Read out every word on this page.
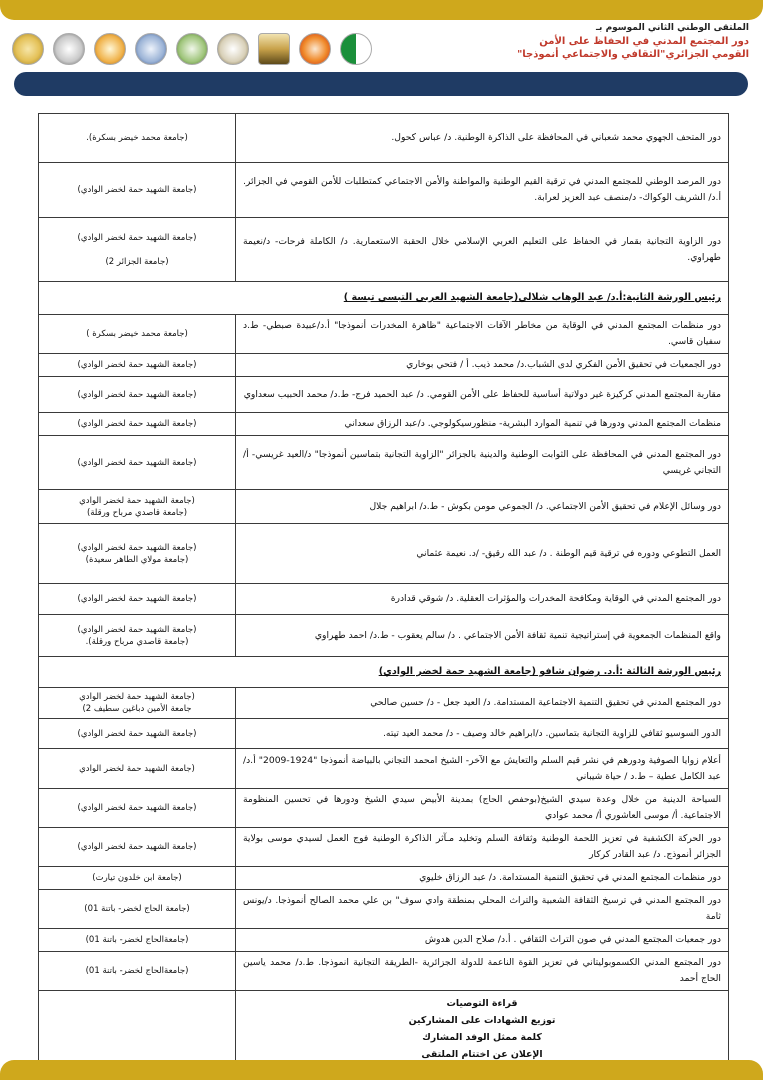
الملتقى الوطني الثاني الموسوم بـ
دور المجتمع المدني في الحفاظ على الأمن
القومي الجزائري"الثقافي والاجتماعي أنموذجا"
دور المتحف الجهوي محمد شعباني في المحافظة على الذاكرة الوطنية. د/ عباس كحول.	(جامعة محمد خيضر بسكرة).
دور المرصد الوطني للمجتمع المدني في ترقية القيم الوطنية والمواطنة والأمن الاجتماعي كمتطلبات للأمن القومي في الجزائر. أ.د/ الشريف الوكواك- د/منصف عبد العزيز لعرابة.	(جامعة الشهيد حمة لخضر الوادي)
دور الزاوية التجانية بقمار في الحفاظ على التعليم العربي الإسلامي خلال الحقبة الاستعمارية. د/ الكاملة فرحات- د/نعيمة طهراوي.	(جامعة الشهيد حمة لخضر الوادي)

(جامعة الجزائر 2)
رئيس الورشة الثانية:أ.د/ عبد الوهاب شلالي(جامعة الشهيد العربي التبسي تبسة )	
دور منظمات المجتمع المدني في الوقاية من مخاطر الآفات الاجتماعية "ظاهرة المخدرات أنموذجا" أ.د/عبيدة صبطي- ط.د سفيان قاسي.	(جامعة محمد خيضر بسكرة )
دور الجمعيات في تحقيق الأمن الفكري لدى الشباب.د/ محمد ذيب. أ / فتحي بوخاري	(جامعة الشهيد حمة لخضر الوادي)
مقاربة المجتمع المدني كركيزة غير دولاتية أساسية للحفاظ على الأمن القومي. د/ عبد الحميد فرج- ط.د/ محمد الحبيب سعداوي	(جامعة الشهيد حمة لخضر الوادي)
منظمات المجتمع المدني ودورها في تنمية الموارد البشرية- منظورسيكولوجي. د/عبد الرزاق سعداني	(جامعة الشهيد حمة لخضر الوادي)
دور المجتمع المدني في المحافظة على الثوابت الوطنية والدينية بالجزائر "الزاوية التجانية بتماسين أنموذجا" د/العيد غريسي- أ/ التجاني غريسي	(جامعة الشهيد حمة لخضر الوادي)
دور وسائل الإعلام في تحقيق الأمن الاجتماعي. د/ الجموعي مومن بكوش - ط.د/ ابراهيم جلال	(جامعة الشهيد حمة لخضر الوادي
(جامعة قاصدي مرباح ورقلة)
العمل التطوعي ودوره في ترقية قيم الوطنة . د/ عبد الله رقيق- /د. نعيمة عثماني	(جامعة الشهيد حمة لخضر الوادي)
(جامعة مولاي الطاهر سعيدة)
دور المجتمع المدني في الوقاية ومكافحة المخدرات والمؤثرات العقلية. د/ شوقي قدادرة	(جامعة الشهيد حمة لخضر الوادي)
واقع المنظمات الجمعوية في إستراتيجية تنمية ثقافة الأمن الاجتماعي . د/ سالم يعقوب - ط.د/ احمد طهراوي	(جامعة الشهيد حمة لخضر الوادي)
(جامعة قاصدي مرباح ورقلة).
رئيس الورشة الثالثة :أ.د. رضوان شافو (جامعة الشهيد حمة لخضر الوادي)	
دور المجتمع المدني في تحقيق التنمية الاجتماعية المستدامة. د/ العيد جعل - د/ حسين صالحي	(جامعة الشهيد حمة لخضر الوادي
جامعة الأمين دباغين سطيف 2)
الدور السوسيو ثقافي للزاوية التجانية بتماسين. د/ابراهيم خالد وصيف - د/ محمد العيد تيته.	(جامعة الشهيد حمة لخضر الوادي)
أعلام زوايا الصوفية ودورهم في نشر قيم السلم والتعايش مع الآخر- الشيخ امحمد التجاني بالبياضة أنموذجا "1924-2009" أ.د/عبد الكامل عطية – ط.د / حياة شيباني	(جامعة الشهيد حمة لخضر الوادي
السياحة الدينية من خلال وعدة سيدي الشيخ(بوحفص الحاج) بمدينة الأبيض سيدي الشيخ ودورها في تحسين المنظومة الاجتماعية. أ/ موسى العاشوري أ/ محمد عوادي	(جامعة الشهيد حمة لخضر الوادي)
دور الحركة الكشفية في تعزيز اللحمة الوطنية وثقافة السلم وتخليد مـآثر الذاكرة الوطنية فوج العمل لسيدي موسى بولاية الجزائر أنموذج. د/ عبد القادر كركار	(جامعة الشهيد حمة لخضر الوادي)
دور منظمات المجتمع المدني في تحقيق التنمية المستدامة. د/ عبد الرزاق خليوي	(جامعة ابن خلدون تيارت)
دور المجتمع المدني في ترسيخ الثقافة الشعبية والتراث المحلي بمنطقة وادي سوف" بن علي محمد الصالح أنموذجا. د/يونس ثامة	(جامعة الحاج لخضر- باتنة 01)
دور جمعيات المجتمع المدني في صون التراث الثقافي . أ.د/ صلاح الدين هدوش	(جامعةالحاج لخضر- باتنة 01)
دور المجتمع المدني الكسموبوليتاني في تعزيز القوة الناعمة للدولة الجزائرية -الطريقة التجانية انموذجا. ط.د/ محمد ياسين الحاج أحمد	(جامعةالحاج لخضر- باتنة 01)

قراءة التوصيات
توزيع الشهادات على المشاركين
كلمة ممثل الوفد المشارك
الإعلان عن اختتام الملتقى	
